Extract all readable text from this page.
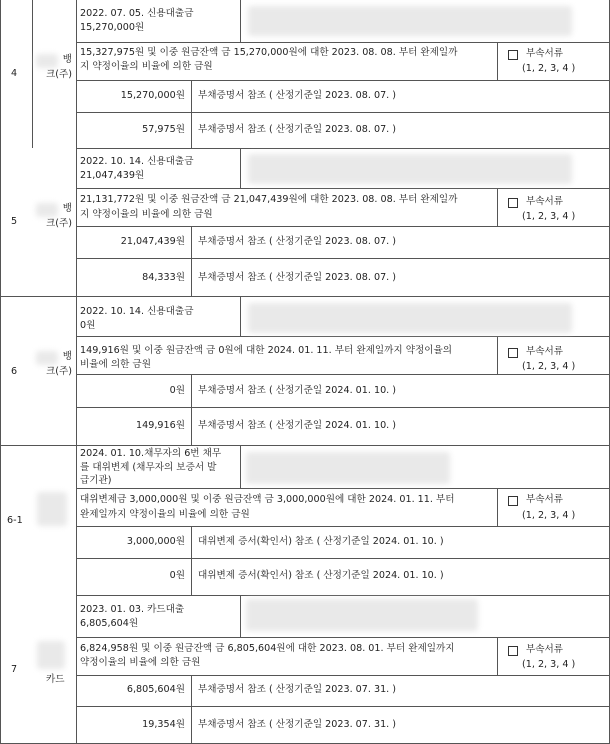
4
뱅
크(주)
2022. 07. 05. 신용대출금
15,270,000원
15,327,975원 및 이중 원금잔액 금 15,270,000원에 대한 2023. 08. 08. 부터 완제일까
지 약정이율의 비율에 의한 금원
부속서류
(1, 2, 3, 4 )
15,270,000원 부채증명서 참조 ( 산정기준일 2023. 08. 07. )
57,975원 부채증명서 참조 ( 산정기준일 2023. 08. 07. )
5
뱅
크(주)
2022. 10. 14. 신용대출금
21,047,439원
21,131,772원 및 이중 원금잔액 금 21,047,439원에 대한 2023. 08. 08. 부터 완제일까
지 약정이율의 비율에 의한 금원
부속서류
(1, 2, 3, 4 )
21,047,439원 부채증명서 참조 ( 산정기준일 2023. 08. 07. )
84,333원 부채증명서 참조 ( 산정기준일 2023. 08. 07. )
6
뱅
크(주)
2022. 10. 14. 신용대출금
0원
149,916원 및 이중 원금잔액 금 0원에 대한 2024. 01. 11. 부터 완제일까지 약정이율의
비율에 의한 금원
부속서류
(1, 2, 3, 4 )
0원 부채증명서 참조 ( 산정기준일 2024. 01. 10. )
149,916원 부채증명서 참조 ( 산정기준일 2024. 01. 10. )
6-1
2024. 01. 10.채무자의 6번 채무
를 대위변제 (채무자의 보증서 발
급기관)
대위변제금 3,000,000원 및 이중 원금잔액 금 3,000,000원에 대한 2024. 01. 11. 부터
완제일까지 약정이율의 비율에 의한 금원
부속서류
(1, 2, 3, 4 )
3,000,000원 대위변제 증서(확인서) 참조 ( 산정기준일 2024. 01. 10. )
0원 대위변제 증서(확인서) 참조 ( 산정기준일 2024. 01. 10. )
7
카드
2023. 01. 03. 카드대출
6,805,604원
6,824,958원 및 이중 원금잔액 금 6,805,604원에 대한 2023. 08. 01. 부터 완제일까지
약정이율의 비율에 의한 금원
부속서류
(1, 2, 3, 4 )
6,805,604원 부채증명서 참조 ( 산정기준일 2023. 07. 31. )
19,354원 부채증명서 참조 ( 산정기준일 2023. 07. 31. )
